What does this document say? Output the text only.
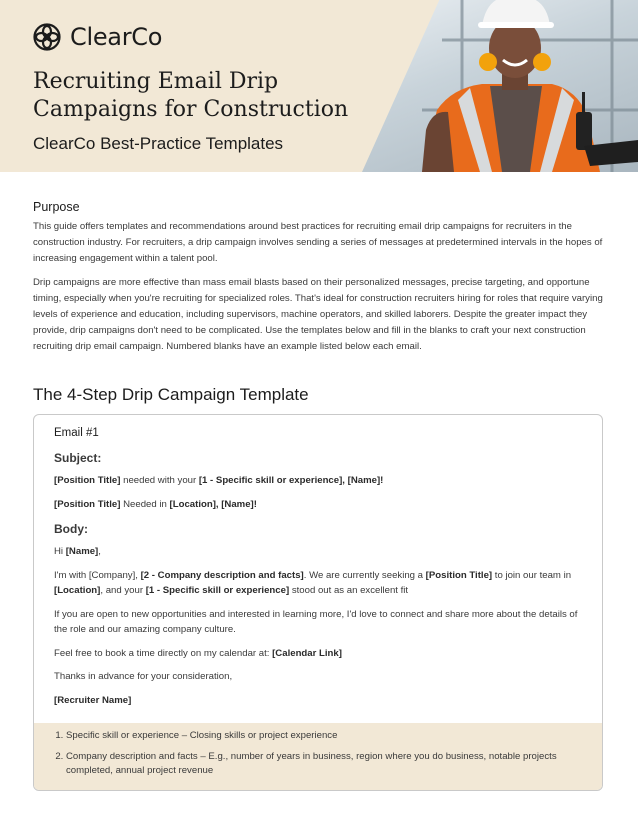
ClearCo
Recruiting Email Drip
Campaigns for Construction

ClearCo Best-Practice Templates

Purpose

This guide offers templates and recommendations around best practices for recruiting email drip campaigns for recruiters in the construction industry. For recruiters, a drip campaign involves sending a series of messages at predetermined intervals in the hopes of increasing engagement within a talent pool.

Drip campaigns are more effective than mass email blasts based on their personalized messages, precise targeting, and opportune timing, especially when you're recruiting for specialized roles. That's ideal for construction recruiters hiring for roles that require varying levels of experience and education, including supervisors, machine operators, and skilled laborers. Despite the greater impact they provide, drip campaigns don't need to be complicated. Use the templates below and fill in the blanks to craft your next construction recruiting drip email campaign. Numbered blanks have an example listed below each email.

The 4-Step Drip Campaign Template
Email #1
Subject:

[Position Title] needed with your [1 - Specific skill or experience], [Name]!

[Position Title] Needed in [Location], [Name]!

Body:

Hi [Name],

I'm with [Company], [2 - Company description and facts]. We are currently seeking a [Position Title] to join our team in [Location], and your [1 - Specific skill or experience] stood out as an excellent fit

If you are open to new opportunities and interested in learning more, I'd love to connect and share more about the details of the role and our amazing company culture.

Feel free to book a time directly on my calendar at: [Calendar Link]

Thanks in advance for your consideration,

[Recruiter Name]

1. Specific skill or experience – Closing skills or project experience
2. Company description and facts – E.g., number of years in business, region where you do business, notable projects completed, annual project revenue
